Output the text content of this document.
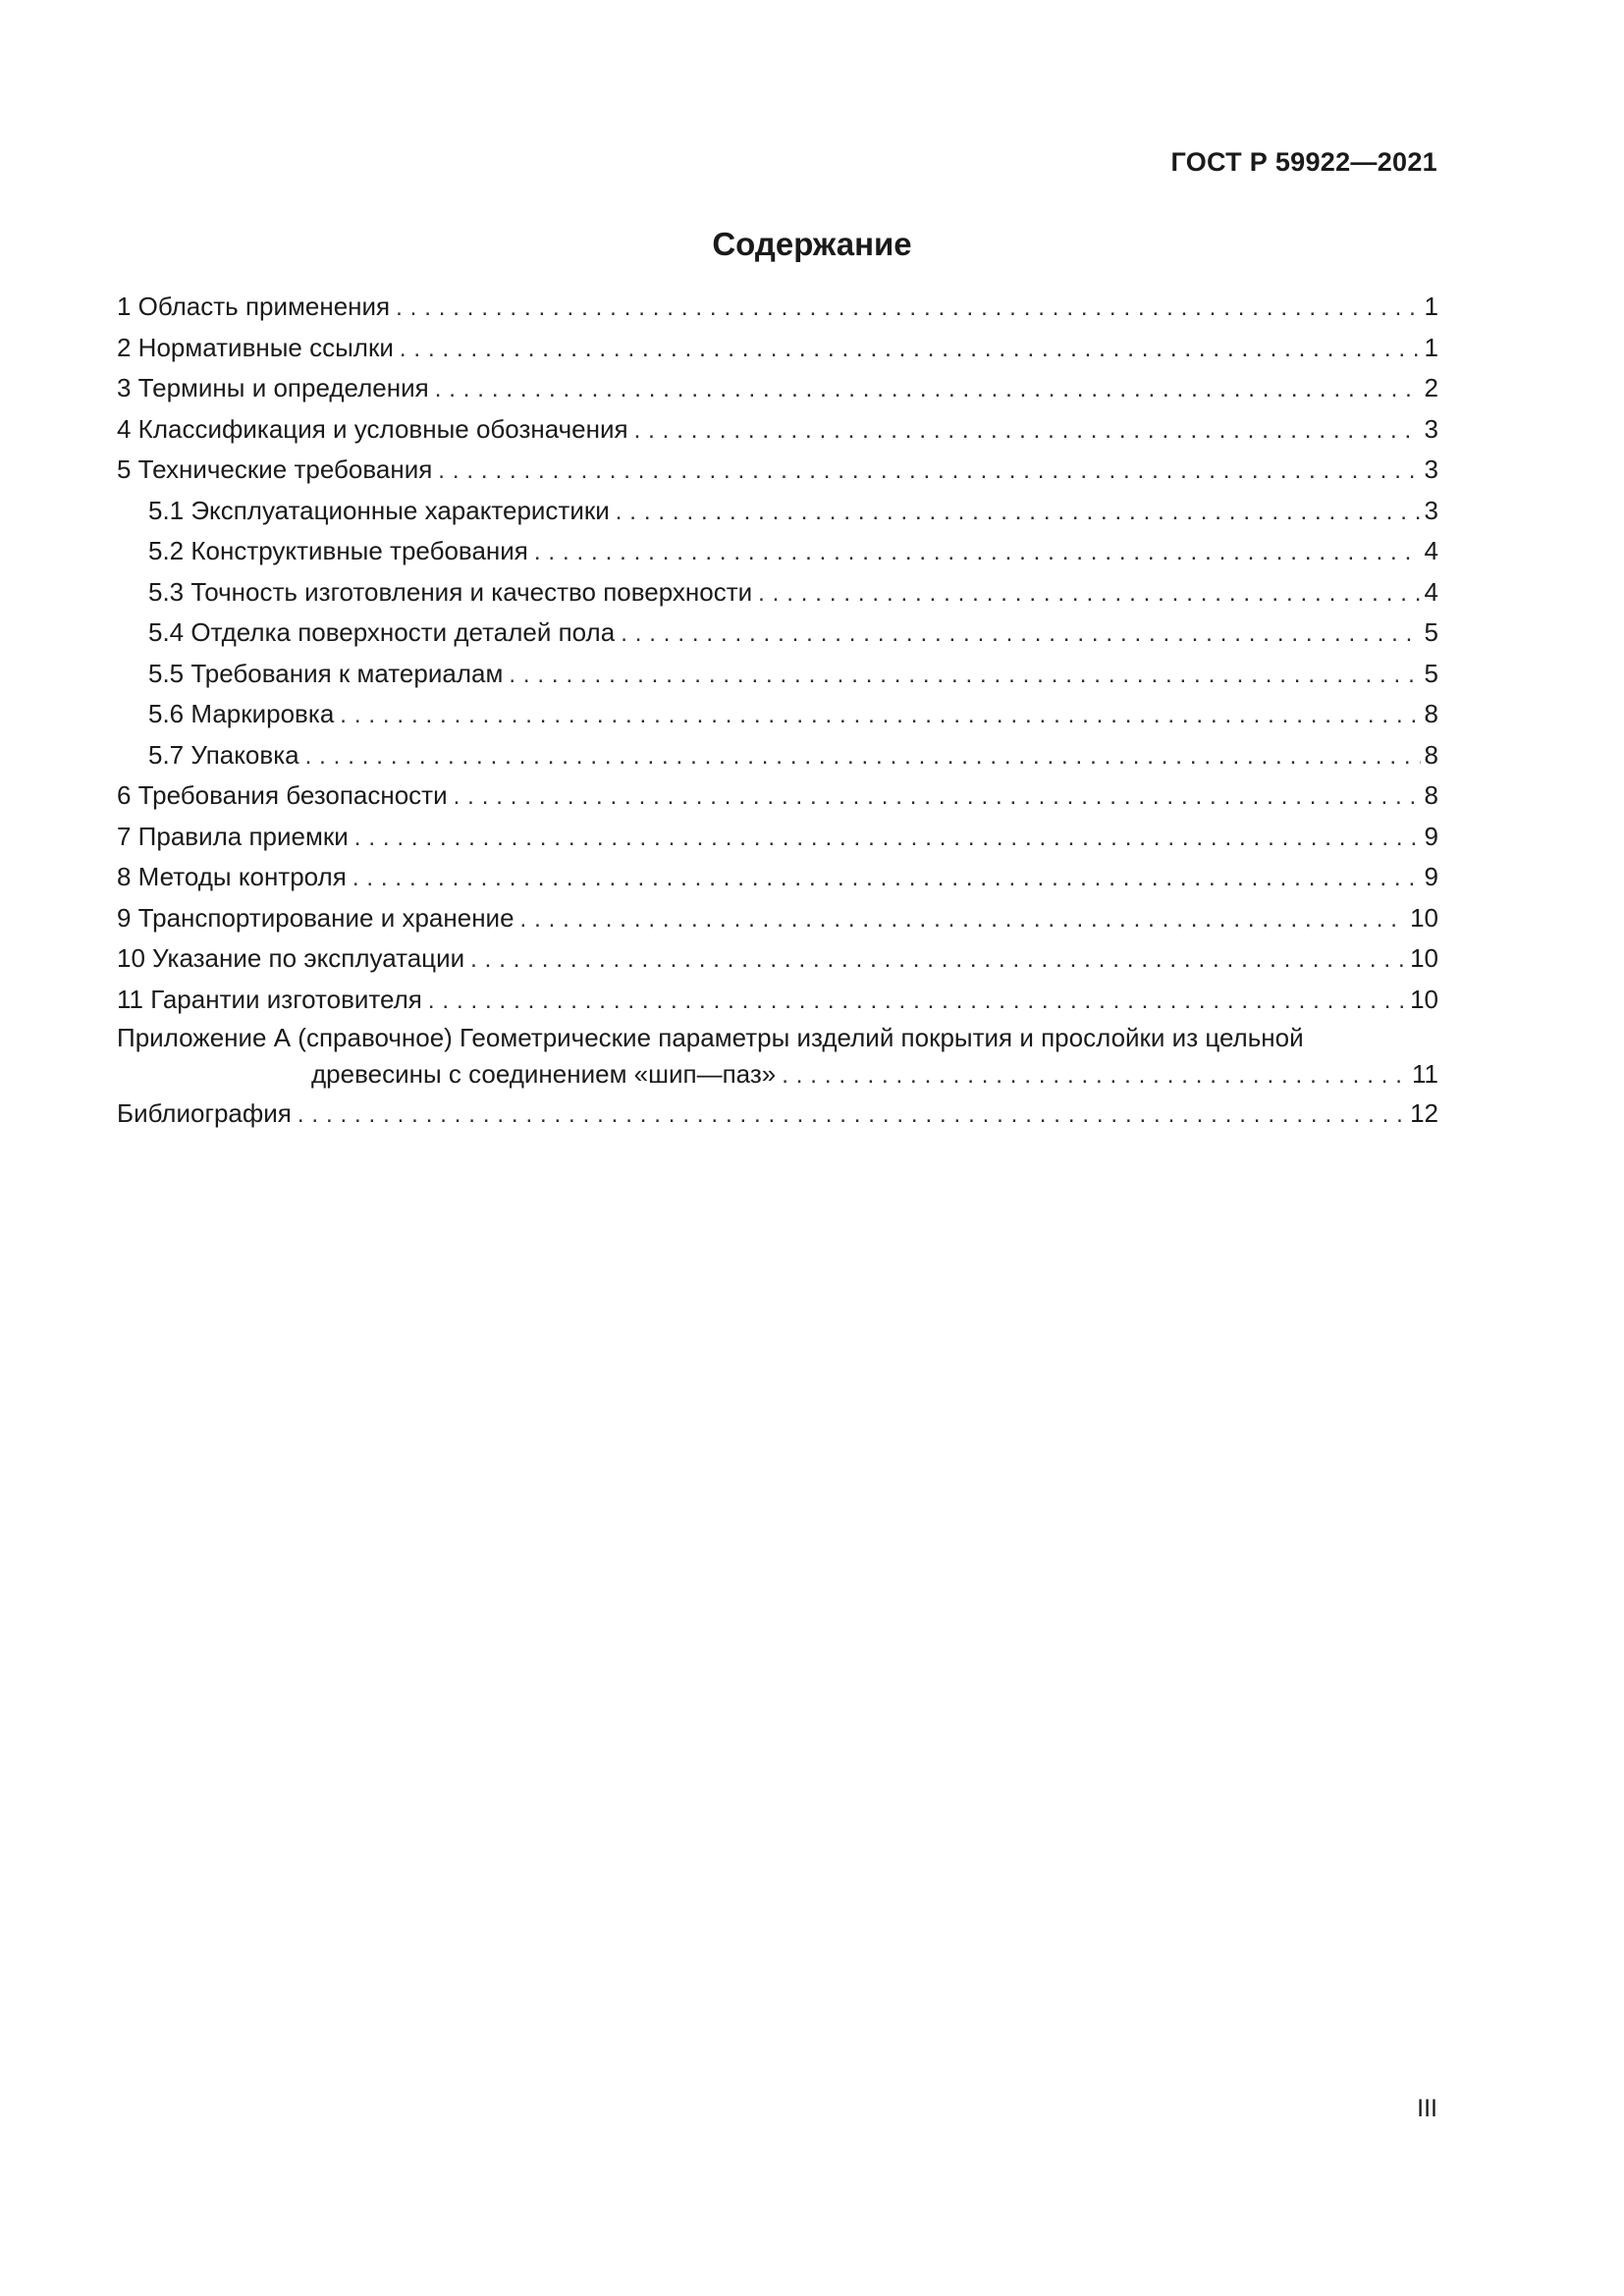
ГОСТ Р 59922—2021
Содержание
1 Область применения . . .	1
2 Нормативные ссылки . . .	1
3 Термины и определения . . .	2
4 Классификация и условные обозначения . . .	3
5 Технические требования . . .	3
5.1 Эксплуатационные характеристики . . .	3
5.2 Конструктивные требования . . .	4
5.3 Точность изготовления и качество поверхности . . .	4
5.4 Отделка поверхности деталей пола . . .	5
5.5 Требования к материалам . . .	5
5.6 Маркировка . . .	8
5.7 Упаковка . . .	8
6 Требования безопасности . . .	8
7 Правила приемки . . .	9
8 Методы контроля . . .	9
9 Транспортирование и хранение . . .	10
10 Указание по эксплуатации . . .	10
11 Гарантии изготовителя . . .	10
Приложение А (справочное) Геометрические параметры изделий покрытия и прослойки из цельной
древесины с соединением «шип—паз» . . .	11
Библиография . . .	12
III
